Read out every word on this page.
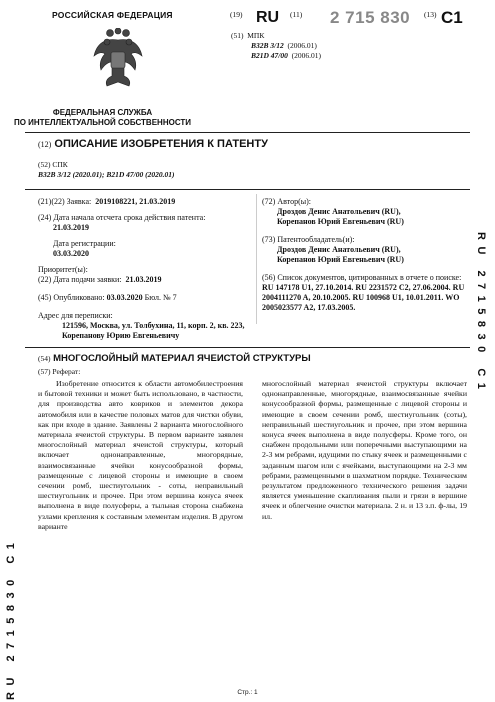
РОССИЙСКАЯ ФЕДЕРАЦИЯ
ФЕДЕРАЛЬНАЯ СЛУЖБА
ПО ИНТЕЛЛЕКТУАЛЬНОЙ СОБСТВЕННОСТИ
(19) RU (11) 2 715 830 (13) C1
(51) МПК
B32B 3/12 (2006.01)
B21D 47/00 (2006.01)
(12) ОПИСАНИЕ ИЗОБРЕТЕНИЯ К ПАТЕНТУ
(52) СПК
B32B 3/12 (2020.01); B21D 47/00 (2020.01)
(21)(22) Заявка: 2019108221, 21.03.2019
(24) Дата начала отсчета срока действия патента:
21.03.2019
Дата регистрации:
03.03.2020
Приоритет(ы):
(22) Дата подачи заявки: 21.03.2019
(45) Опубликовано: 03.03.2020 Бюл. № 7
Адрес для переписки:
121596, Москва, ул. Толбухина, 11, корп. 2, кв. 223, Корепанову Юрию Евгеньевичу
(72) Автор(ы):
Дроздов Денис Анатольевич (RU),
Корепанов Юрий Евгеньевич (RU)
(73) Патентообладатель(и):
Дроздов Денис Анатольевич (RU),
Корепанов Юрий Евгеньевич (RU)
(56) Список документов, цитированных в отчете о поиске: RU 147178 U1, 27.10.2014. RU 2231572 C2, 27.06.2004. RU 2004111270 A, 20.10.2005. RU 100968 U1, 10.01.2011. WO 2005023577 A2, 17.03.2005.
(54) МНОГОСЛОЙНЫЙ МАТЕРИАЛ ЯЧЕИСТОЙ СТРУКТУРЫ
(57) Реферат:

Изобретение относится к области автомобилестроения и бытовой техники и может быть использовано, в частности, для производства авто ковриков и элементов декора автомобиля или в качестве половых матов для чистки обуви, как при входе в здание. Заявлены 2 варианта многослойного материала ячеистой структуры. В первом варианте заявлен многослойный материал ячеистой структуры, который включает однонаправленные, многорядные, взаимосвязанные ячейки конусообразной формы, размещенные с лицевой стороны и имеющие в своем сечении ромб, шестиугольник - соты, неправильный шестиугольник и прочее. При этом вершина конуса ячеек выполнена в виде полусферы, а тыльная сторона снабжена узлами крепления к составным элементам изделия. В другом варианте

многослойный материал ячеистой структуры включает однонаправленные, многорядные, взаимосвязанные ячейки конусообразной формы, размещенные с лицевой стороны и имеющие в своем сечении ромб, шестиугольник (соты), неправильный шестиугольник и прочее, при этом вершина конуса ячеек выполнена в виде полусферы. Кроме того, он снабжен продольными или поперечными выступающими на 2-3 мм ребрами, идущими по стыку ячеек и размещенными с заданным шагом или с ячейками, выступающими на 2-3 мм ребрами, размещенными в шахматном порядке. Техническим результатом предложенного технического решения задачи является уменьшение скапливания пыли и грязи в вершине ячеек и облегчение очистки материала. 2 н. и 13 з.п. ф-лы, 19 ил.

RU 2715830 C1
RU 2715830 C1	Стр.: 1
